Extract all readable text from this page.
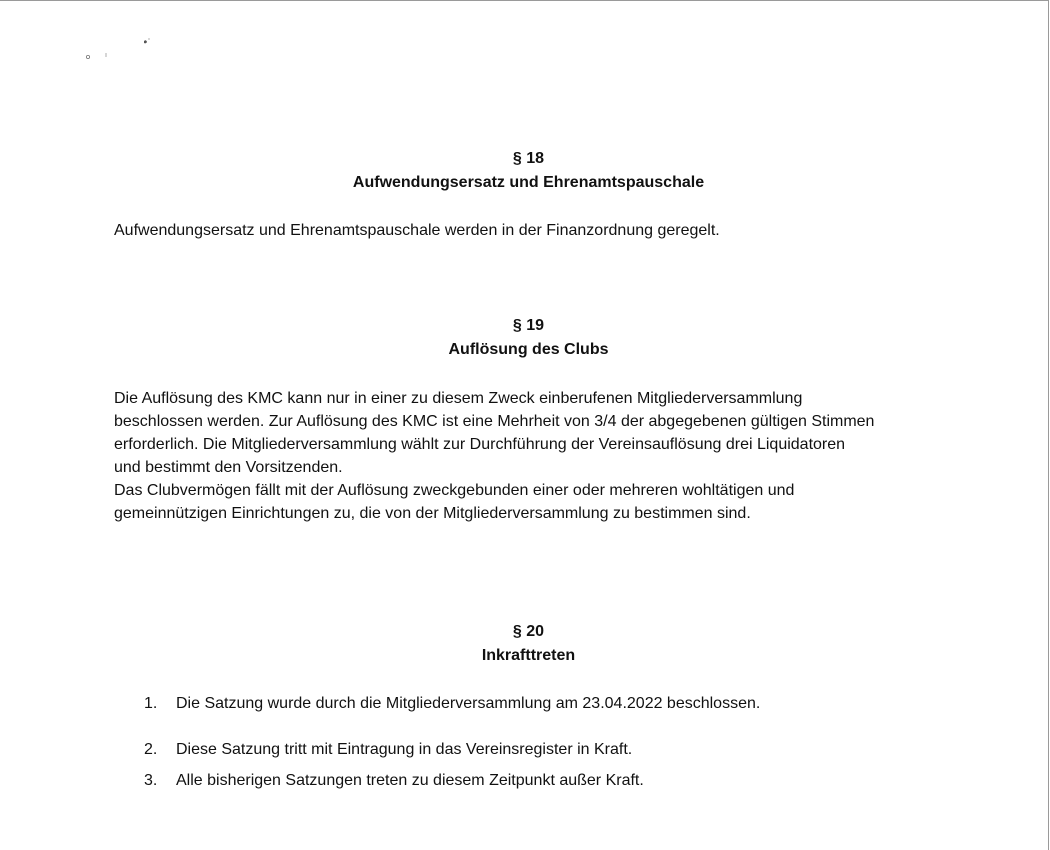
§ 18

Aufwendungsersatz und Ehrenamtspauschale

Aufwendungsersatz und Ehrenamtspauschale werden in der Finanzordnung geregelt.

§ 19

Auflösung des Clubs

Die Auflösung des KMC kann nur in einer zu diesem Zweck einberufenen Mitgliederversammlung
beschlossen werden. Zur Auflösung des KMC ist eine Mehrheit von 3/4 der abgegebenen gültigen Stimmen
erforderlich. Die Mitgliederversammlung wählt zur Durchführung der Vereinsauflösung drei Liquidatoren
und bestimmt den Vorsitzenden.
Das Clubvermögen fällt mit der Auflösung zweckgebunden einer oder mehreren wohltätigen und
gemeinnützigen Einrichtungen zu, die von der Mitgliederversammlung zu bestimmen sind.

§ 20

Inkrafttreten

1. Die Satzung wurde durch die Mitgliederversammlung am 23.04.2022 beschlossen.
2. Diese Satzung tritt mit Eintragung in das Vereinsregister in Kraft.
3. Alle bisherigen Satzungen treten zu diesem Zeitpunkt außer Kraft.
